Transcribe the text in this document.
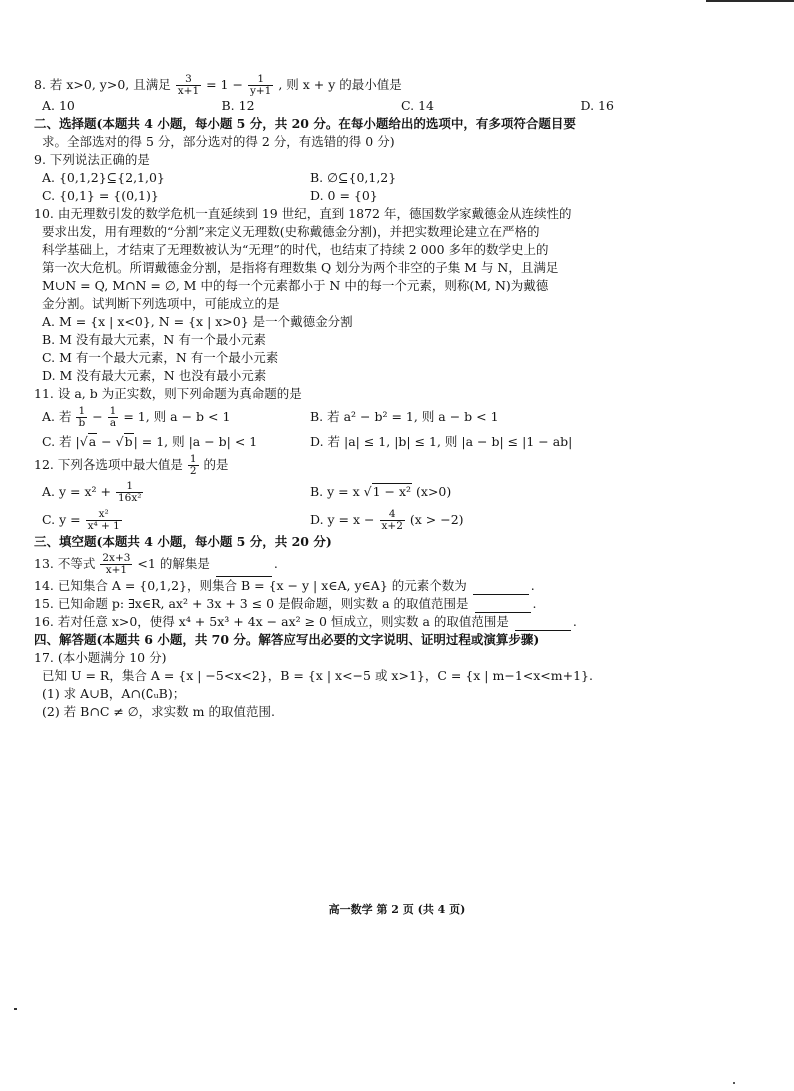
8. 若 x>0, y>0, 且满足 $\frac{3}{x+1} = 1 - \frac{1}{y+1}$ , 则 x + y 的最小值是
A. 10	B. 12	C. 14	D. 16
二、选择题(本题共 4 小题，每小题 5 分，共 20 分。在每小题给出的选项中，有多项符合题目要
求。全部选对的得 5 分，部分选对的得 2 分，有选错的得 0 分)
9. 下列说法正确的是
A. {0,1,2}⊆{2,1,0}	B. ∅⊆{0,1,2}
C. {0,1} = {(0,1)}	D. 0 = {0}
10. 由无理数引发的数学危机一直延续到 19 世纪，直到 1872 年，德国数学家戴德金从连续性的
要求出发，用有理数的“分割”来定义无理数(史称戴德金分割)，并把实数理论建立在严格的
科学基础上，才结束了无理数被认为“无理”的时代，也结束了持续 2 000 多年的数学史上的
第一次大危机。所谓戴德金分割，是指将有理数集 Q 划分为两个非空的子集 M 与 N，且满足
M∪N = Q, M∩N = ∅, M 中的每一个元素都小于 N 中的每一个元素，则称(M, N)为戴德
金分割。试判断下列选项中，可能成立的是
A. M = {x | x<0}, N = {x | x>0} 是一个戴德金分割
B. M 没有最大元素，N 有一个最小元素
C. M 有一个最大元素，N 有一个最小元素
D. M 没有最大元素，N 也没有最小元素
11. 设 a, b 为正实数，则下列命题为真命题的是
A. 若 $\frac{1}{b} - \frac{1}{a} = 1$, 则 a − b < 1	B. 若 a² − b² = 1, 则 a − b < 1
C. 若 |√a − √b| = 1, 则 |a − b| < 1	D. 若 |a| ≤ 1, |b| ≤ 1, 则 |a − b| ≤ |1 − ab|
12. 下列各选项中最大值是 $\frac{1}{2}$ 的是
A. $y = x^2 + \frac{1}{\text{16x²}}$	B. y = x √1 − x² (x>0)
C. $y = \frac{\text{x²}}{\text{x⁴ + 1}}$	D. $y = x - \frac{4}{x+2} (x > -2)$
三、填空题(本题共 4 小题，每小题 5 分，共 20 分)
13. 不等式 $\frac{2x+3}{x+1} <1$ 的解集是	.
14. 已知集合 A = {0,1,2}，则集合 B = {x − y | x∈A, y∈A} 的元素个数为	.
15. 已知命题 p: ∃x∈R, ax² + 3x + 3 ≤ 0 是假命题，则实数 a 的取值范围是	.
16. 若对任意 x>0，使得 x⁴ + 5x³ + 4x − ax² ≥ 0 恒成立，则实数 a 的取值范围是	.
四、解答题(本题共 6 小题，共 70 分。解答应写出必要的文字说明、证明过程或演算步骤)
17. (本小题满分 10 分)
已知 U = R，集合 A = {x | −5<x<2}，B = {x | x<−5 或 x>1}，C = {x | m−1<x<m+1}.
(1) 求 A∪B，A∩(∁ᵤB)；
(2) 若 B∩C ≠ ∅，求实数 m 的取值范围.
高一数学 第 2 页 (共 4 页)
